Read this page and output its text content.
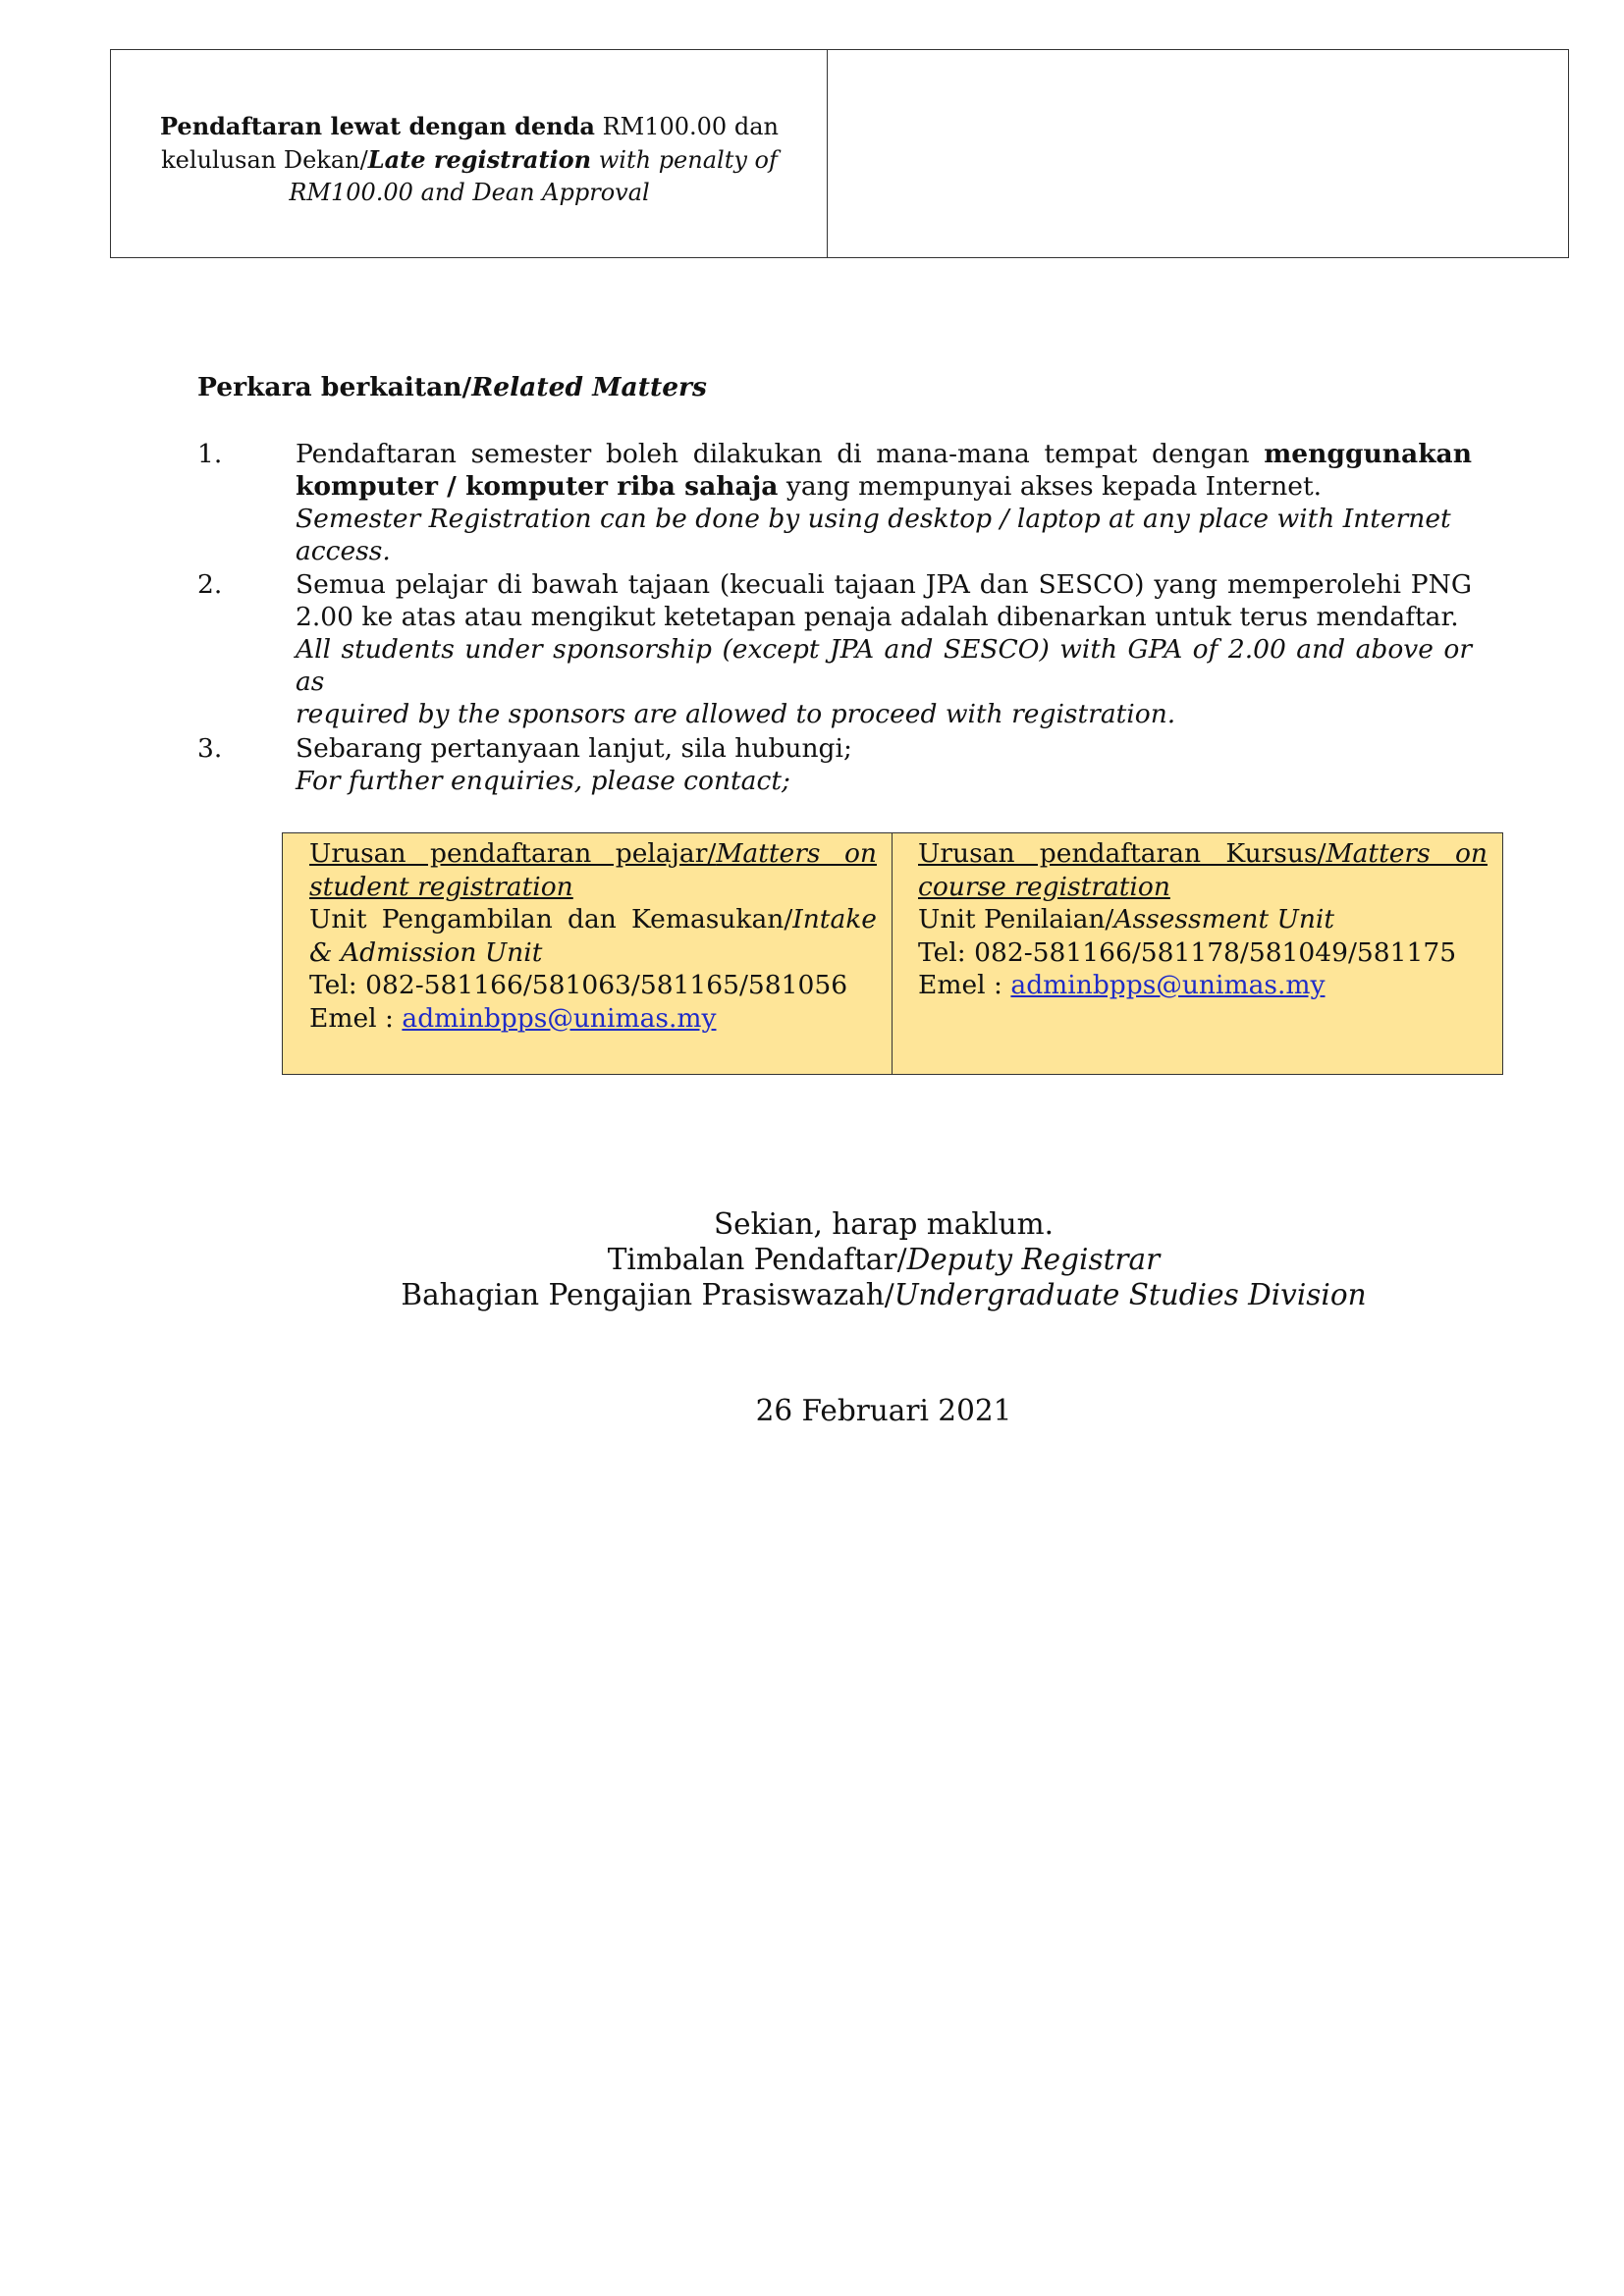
Pendaftaran lewat dengan denda RM100.00 dan kelulusan Dekan/Late registration with penalty of RM100.00 and Dean Approval
Perkara berkaitan/Related Matters
1.	Pendaftaran semester boleh dilakukan di mana-mana tempat dengan menggunakan
komputer / komputer riba sahaja yang mempunyai akses kepada Internet.
Semester Registration can be done by using desktop / laptop at any place with Internet access.
2.	Semua pelajar di bawah tajaan (kecuali tajaan JPA dan SESCO) yang memperolehi PNG
2.00 ke atas atau mengikut ketetapan penaja adalah dibenarkan untuk terus mendaftar.
All students under sponsorship (except JPA and SESCO) with GPA of 2.00 and above or as
required by the sponsors are allowed to proceed with registration.
3.	Sebarang pertanyaan lanjut, sila hubungi;
For further enquiries, please contact;
Urusan pendaftaran pelajar/Matters on
student registration
Unit Pengambilan dan Kemasukan/Intake
& Admission Unit
Tel: 082-581166/581063/581165/581056
Emel : adminbpps@unimas.my
Urusan pendaftaran Kursus/Matters on
course registration
Unit Penilaian/Assessment Unit
Tel: 082-581166/581178/581049/581175
Emel : adminbpps@unimas.my
Sekian, harap maklum.
Timbalan Pendaftar/Deputy Registrar
Bahagian Pengajian Prasiswazah/Undergraduate Studies Division
26 Februari 2021
